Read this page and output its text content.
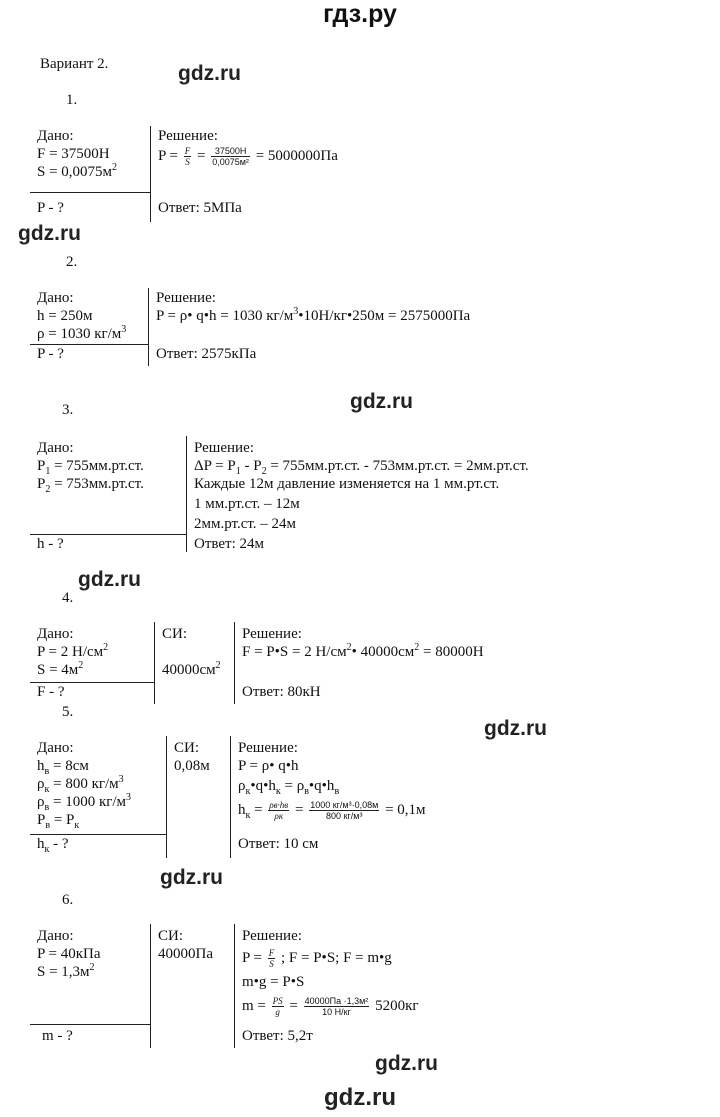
гдз.ру
Вариант 2.	gdz.ru
gdz.ru
gdz.ru
gdz.ru
gdz.ru
gdz.ru
gdz.ru
1.
Дано:
F = 37500Н
$S = 0,0075м^2$
P - ?
Решение:
$P = \frac{F}{S}$ =	37500Н
0,0075м² = 5000000Па
Ответ: 5МПа
2.
Дано:
h = 250м
ρ = 1030 $кг/м^3$
P - ?
Решение:
P = ρ• q•h = 1030 $кг/м^3•10Н/кг•250м = 2575000Па$
Ответ: 2575кПа
3.
Дано:
$P_1 = 755мм.рт.ст$.
$P_2 = 753мм.рт.ст$.
h - ?
Решение:
$\Delta P = P_1 - P_2 = 755мм.рт.ст$. - 753мм.рт.ст. = 2мм.рт.ст.
Каждые 12м давление изменяется на 1 мм.рт.ст.
1 мм.рт.ст. – 12м
2мм.рт.ст. – 24м
Ответ: 24м
4.
Дано:
P = 2 $Н/см^2$
$S = 4м^2$
F - ?
СИ:
$40000см^2$
Решение:
F = P•S = 2 $Н/см^2•$ $40000см^2 = 80000Н$
Ответ: 80кН
5.
Дано:
$h_в = 8см$
$\rho_к = 800$ $кг/м^3$
$\rho_в = 1000$ $кг/м^3$
$P_в = P_к$
$h_к$ - ?
СИ:
0,08м
Решение:
P = ρ• q•h
$\rho_к•q•h_к$ = $\rho_в•q•h_в$
$h_к = \rho в\cdot hв$
ρк = 1000 кг/м³·0,08м
800 кг/м³	= 0,1м
Ответ: 10 см
6.
Дано:
P = 40кПа
$S = 1,3м^2$
m - ?
СИ:
40000Па
Решение:
$P = \frac{F}{S}$ ; F = P•S; F = m•g
m•g = P•S
$m = \frac{PS}{g} = 40000Па \cdot 1,3м^2$
10 Н/кг	5200кг
Ответ: 5,2т
gdz.ru
